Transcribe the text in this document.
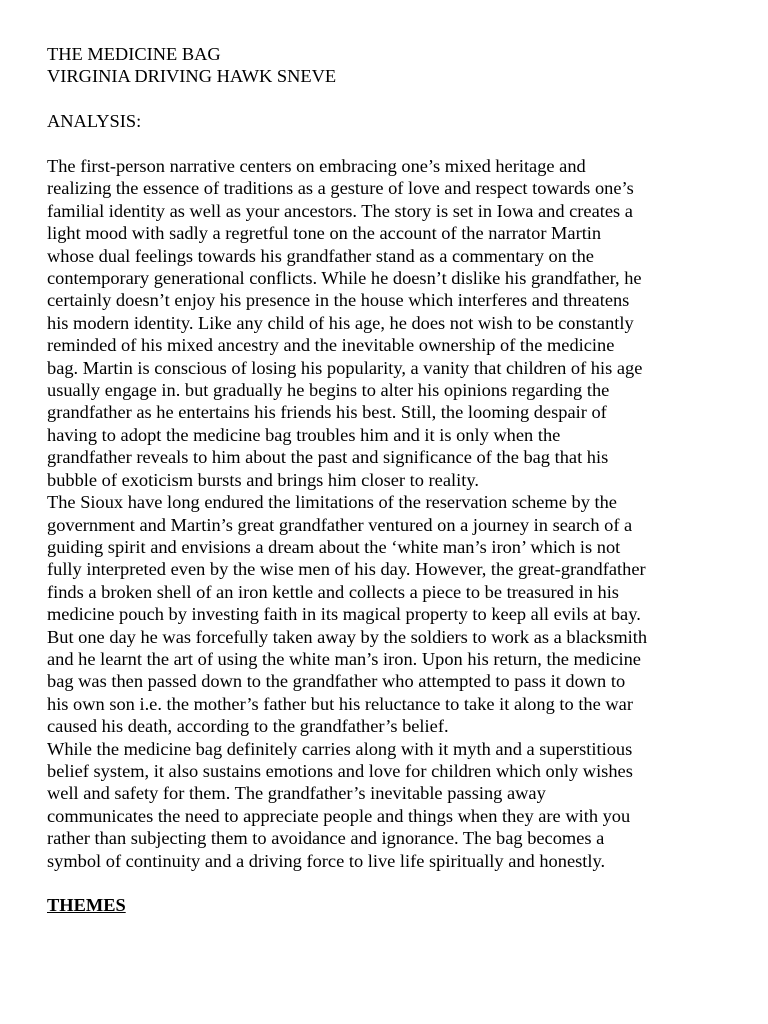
THE MEDICINE BAG
VIRGINIA DRIVING HAWK SNEVE
ANALYSIS:
The first-person narrative centers on embracing one’s mixed heritage and
realizing the essence of traditions as a gesture of love and respect towards one’s
familial identity as well as your ancestors. The story is set in Iowa and creates a
light mood with sadly a regretful tone on the account of the narrator Martin
whose dual feelings towards his grandfather stand as a commentary on the
contemporary generational conflicts. While he doesn’t dislike his grandfather, he
certainly doesn’t enjoy his presence in the house which interferes and threatens
his modern identity. Like any child of his age, he does not wish to be constantly
reminded of his mixed ancestry and the inevitable ownership of the medicine
bag. Martin is conscious of losing his popularity, a vanity that children of his age
usually engage in. but gradually he begins to alter his opinions regarding the
grandfather as he entertains his friends his best. Still, the looming despair of
having to adopt the medicine bag troubles him and it is only when the
grandfather reveals to him about the past and significance of the bag that his
bubble of exoticism bursts and brings him closer to reality.
The Sioux have long endured the limitations of the reservation scheme by the
government and Martin’s great grandfather ventured on a journey in search of a
guiding spirit and envisions a dream about the ‘white man’s iron’ which is not
fully interpreted even by the wise men of his day. However, the great-grandfather
finds a broken shell of an iron kettle and collects a piece to be treasured in his
medicine pouch by investing faith in its magical property to keep all evils at bay.
But one day he was forcefully taken away by the soldiers to work as a blacksmith
and he learnt the art of using the white man’s iron. Upon his return, the medicine
bag was then passed down to the grandfather who attempted to pass it down to
his own son i.e. the mother’s father but his reluctance to take it along to the war
caused his death, according to the grandfather’s belief.
While the medicine bag definitely carries along with it myth and a superstitious
belief system, it also sustains emotions and love for children which only wishes
well and safety for them. The grandfather’s inevitable passing away
communicates the need to appreciate people and things when they are with you
rather than subjecting them to avoidance and ignorance. The bag becomes a
symbol of continuity and a driving force to live life spiritually and honestly.
THEMES
